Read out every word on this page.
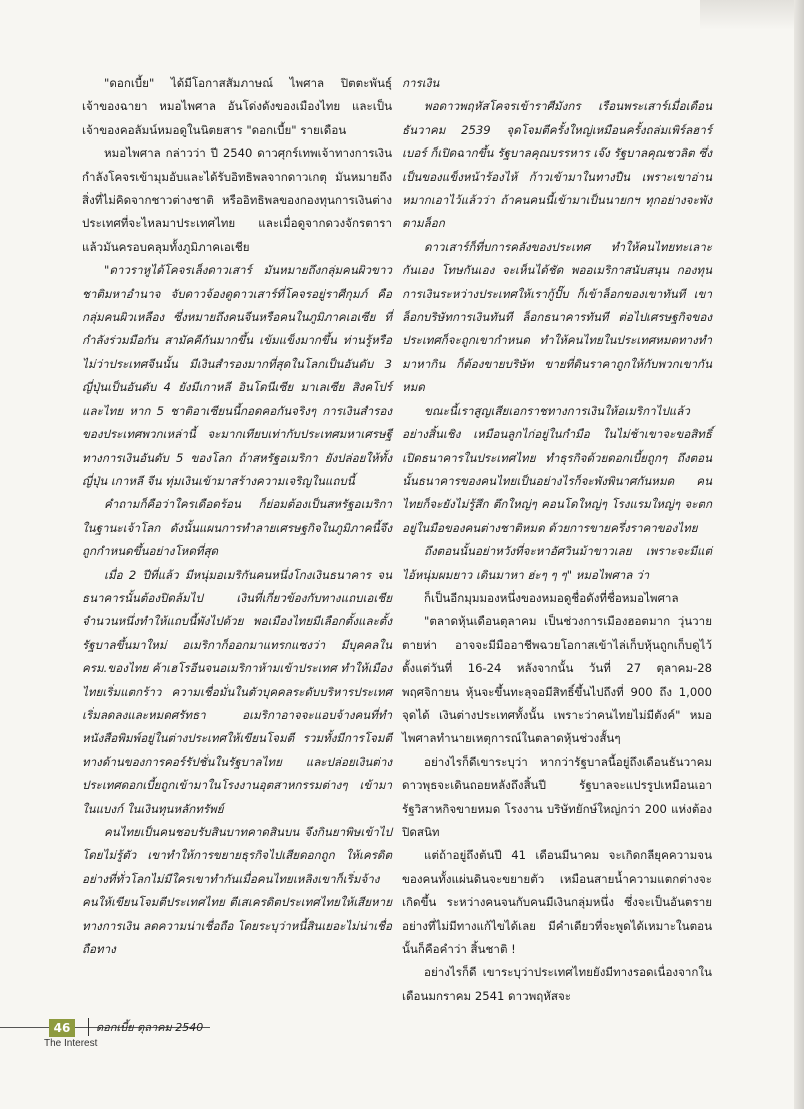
"ดอกเบี้ย" ได้มีโอกาสสัมภาษณ์ ไพศาล ปิตตะพันธุ์ เจ้าของฉายา หมอไพศาล อันโด่งดังของเมืองไทย และเป็นเจ้าของคอลัมน์หมอดูในนิตยสาร "ดอกเบี้ย" รายเดือน

หมอไพศาล กล่าวว่า ปี 2540 ดาวศุกร์เทพเจ้าทางการเงิน กำลังโคจรเข้ามุมอับและได้รับอิทธิพลจากดาวเกตุ มันหมายถึงสิ่งที่ไม่คิดจากชาวต่างชาติ หรืออิทธิพลของกองทุนการเงินต่างประเทศที่จะไหลมาประเทศไทย และเมื่อดูจากดวงจักรตาราแล้วมันครอบคลุมทั้งภูมิภาคเอเชีย

"ดาวราหูได้โคจรเล็งดาวเสาร์ มันหมายถึงกลุ่มคนผิวขาว ชาติมหาอำนาจ จับดาวจ้องดูดาวเสาร์ที่โคจรอยู่ราศีกุมภ์ คือกลุ่มคนผิวเหลือง ซึ่งหมายถึงคนจีนหรือคนในภูมิภาคเอเซีย ที่กำลังร่วมมือกัน สามัคคีกันมากขึ้น เข้มแข็งมากขึ้น ท่านรู้หรือไม่ว่าประเทศจีนนั้น มีเงินสำรองมากที่สุดในโลกเป็นอันดับ 3 ญี่ปุ่นเป็นอันดับ 4 ยังมีเกาหลี อินโดนีเซีย มาเลเซีย สิงคโปร์ และไทย หาก 5 ชาติอาเซียนนี้กอดคอกันจริงๆ การเงินสำรองของประเทศพวกเหล่านี้ จะมากเทียบเท่ากับประเทศมหาเศรษฐีทางการเงินอันดับ 5 ของโลก ถ้าสหรัฐอเมริกา ยังปล่อยให้ทั้งญี่ปุ่น เกาหลี จีน ทุ่มเงินเข้ามาสร้างความเจริญในแถบนี้

คำถามก็คือว่าใครเดือดร้อน ก็ย่อมต้องเป็นสหรัฐอเมริกา ในฐานะเจ้าโลก ดังนั้นแผนการทำลายเศรษฐกิจในภูมิภาคนี้จึงถูกกำหนดขึ้นอย่างโหดที่สุด

เมื่อ 2 ปีที่แล้ว มีหนุ่มอเมริกันคนหนึ่งโกงเงินธนาคาร จนธนาคารนั้นต้องปิดล้มไป เงินที่เกี่ยวข้องกับทางแถบเอเชียจำนวนหนึ่งทำให้แถบนี้พังไปด้วย พอเมืองไทยมีเลือกตั้งและตั้งรัฐบาลขึ้นมาใหม่ อเมริกาก็ออกมาแทรกแซงว่า มีบุคคลใน ครม.ของไทย ค้าเฮโรอีนจนอเมริกาห้ามเข้าประเทศ ทำให้เมืองไทยเริ่มแตกร้าว ความเชื่อมั่นในตัวบุคคลระดับบริหารประเทศเริ่มลดลงและหมดศรัทธา อเมริกาอาจจะแอบจ้างคนที่ทำหนังสือพิมพ์อยู่ในต่างประเทศให้เขียนโจมตี รวมทั้งมีการโจมตีทางด้านของการคอร์รัปชั่นในรัฐบาลไทย และปล่อยเงินต่างประเทศดอกเบี้ยถูกเข้ามาในโรงงานอุตสาหกรรมต่างๆ เข้ามาในแบงก์ ในเงินทุนหลักทรัพย์

คนไทยเป็นคนชอบรับสินบาทคาดสินบน จึงกินยาพิษเข้าไปโดยไม่รู้ตัว เขาทำให้การขยายธุรกิจไปเสียดอกถูก ให้เครดิตอย่างที่ทั่วโลกไม่มีใครเขาทำกันเมื่อคนไทยเหลิงเขาก็เริ่มจ้างคนให้เขียนโจมตีประเทศไทย ตีเสเครดิตประเทศไทยให้เสียหายทางการเงิน ลดความน่าเชื่อถือ โดยระบุว่าหนี้สินเยอะไม่น่าเชื่อถือทาง

การเงิน

พอดาวพฤหัสโคจรเข้าราศีมังกร เรือนพระเสาร์เมื่อเดือนธันวาคม 2539 จุดโจมตีครั้งใหญ่เหมือนครั้งถล่มเพิร์ลฮาร์เบอร์ ก็เปิดฉากขึ้น รัฐบาลคุณบรรหาร เจ๊ง รัฐบาลคุณชวลิต ซึ่งเป็นของแข็งหน้าร้องไห้ ก้าวเข้ามาในทางปืน เพราะเขาอ่านหมากเอาไว้แล้วว่า ถ้าคนคนนี้เข้ามาเป็นนายกฯ ทุกอย่างจะพังตามล็อก

ดาวเสาร์ก็ที่บการคลังของประเทศ ทำให้คนไทยทะเลาะกันเอง โทษกันเอง จะเห็นได้ชัด พออเมริกาสนับสนุน กองทุนการเงินระหว่างประเทศให้เรากู้ปั๊บ ก็เข้าล็อกของเขาทันที เขาล็อกบริษัทการเงินทันที ล็อกธนาคารทันที ต่อไปเศรษฐกิจของประเทศก็จะถูกเขากำหนด ทำให้คนไทยในประเทศหมดทางทำมาหากิน ก็ต้องขายบริษัท ขายที่ดินราคาถูกให้กับพวกเขากันหมด

ขณะนี้เราสูญเสียเอกราชทางการเงินให้อเมริกาไปแล้วอย่างสิ้นเชิง เหมือนลูกไก่อยู่ในกำมือ ในไม่ช้าเขาจะขอสิทธิ์เปิดธนาคารในประเทศไทย ทำธุรกิจด้วยดอกเบี้ยถูกๆ ถึงตอนนั้นธนาคารของคนไทยเป็นอย่างไรก็จะพังพินาศกันหมด คนไทยก็จะยังไม่รู้สึก ตึกใหญ่ๆ คอนโดใหญ่ๆ โรงแรมใหญ่ๆ จะตกอยู่ในมือของคนต่างชาติหมด ด้วยการขายครึ่งราคาของไทย

ถึงตอนนั้นอย่าหวังที่จะหาอัศวินม้าขาวเลย เพราะจะมีแต่ไอ้หนุ่มผมยาว เดินมาหา ฮ่ะๆ ๆ ๆ" หมอไพศาล ว่า

ก็เป็นอีกมุมมองหนึ่งของหมอดูชื่อดังที่ชื่อหมอไพศาล

"ตลาดหุ้นเดือนตุลาคม เป็นช่วงการเมืองฮอตมาก วุ่นวายตายห่า อาจจะมีมืออาชีพฉวยโอกาสเข้าไล่เก็บหุ้นถูกเก็บดูไว้ตั้งแต่วันที่ 16-24 หลังจากนั้น วันที่ 27 ตุลาคม-28 พฤศจิกายน หุ้นจะขึ้นทะลุจอมีสิทธิ์ขึ้นไปถึงที่ 900 ถึง 1,000 จุดได้ เงินต่างประเทศทั้งนั้น เพราะว่าคนไทยไม่มีตังค์" หมอไพศาลทำนายเหตุการณ์ในตลาดหุ้นช่วงสั้นๆ

อย่างไรก็ดีเขาระบุว่า หากว่ารัฐบาลนี้อยู่ถึงเดือนธันวาคม ดาวพุธจะเดินถอยหลังถึงสิ้นปี รัฐบาลจะแปรรูปเหมือนเอารัฐวิสาหกิจขายหมด โรงงาน บริษัทยักษ์ใหญ่กว่า 200 แห่งต้องปิดสนิท

แต่ถ้าอยู่ถึงต้นปี 41 เดือนมีนาคม จะเกิดกลียุคความจนของคนทั้งแผ่นดินจะขยายตัว เหมือนสายน้ำความแตกต่างจะเกิดขึ้น ระหว่างคนจนกับคนมีเงินกลุ่มหนึ่ง ซึ่งจะเป็นอันตรายอย่างที่ไม่มีทางแก้ไขได้เลย มีคำเดียวที่จะพูดได้เหมาะในตอนนั้นก็คือคำว่า สิ้นชาติ !

อย่างไรก็ดี เขาระบุว่าประเทศไทยยังมีทางรอดเนื่องจากในเดือนมกราคม 2541 ดาวพฤหัสจะ

46	ดอกเบี้ย ตุลาคม 2540
The Interest
